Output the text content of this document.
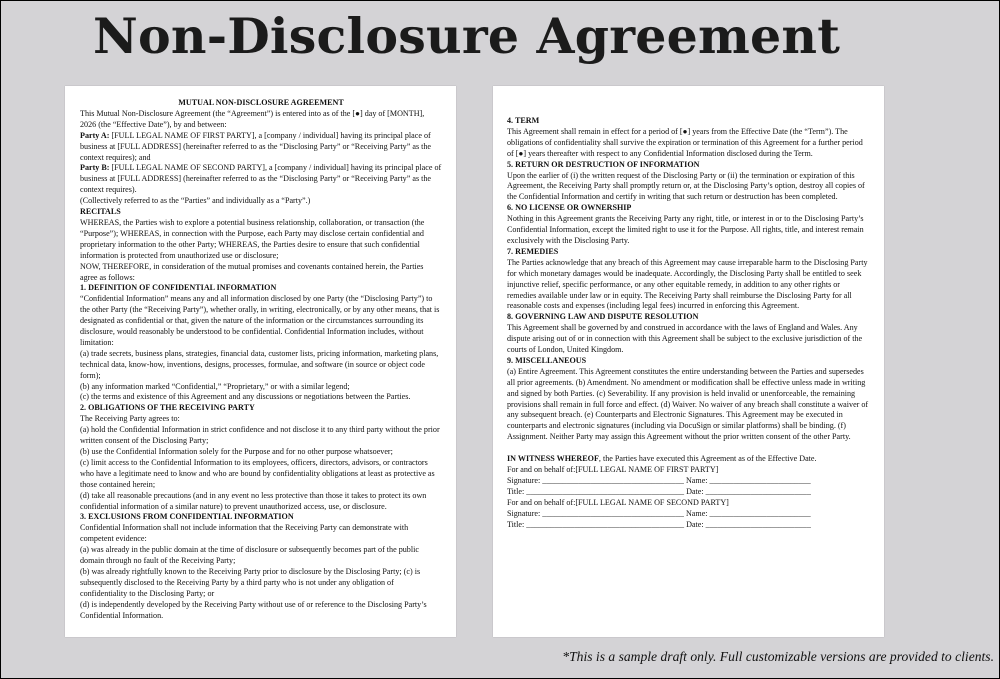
Non-Disclosure Agreement

MUTUAL NON-DISCLOSURE AGREEMENT

This Mutual Non-Disclosure Agreement (the “Agreement”) is entered into as of the [●] day of [MONTH], 2026 (the “Effective Date”), by and between:

Party A: [FULL LEGAL NAME OF FIRST PARTY], a [company / individual] having its principal place of business at [FULL ADDRESS] (hereinafter referred to as the “Disclosing Party” or “Receiving Party” as the context requires); and

Party B: [FULL LEGAL NAME OF SECOND PARTY], a [company / individual] having its principal place of business at [FULL ADDRESS] (hereinafter referred to as the “Disclosing Party” or “Receiving Party” as the context requires).

(Collectively referred to as the “Parties” and individually as a “Party”.)

RECITALS

WHEREAS, the Parties wish to explore a potential business relationship, collaboration, or transaction (the “Purpose”); WHEREAS, in connection with the Purpose, each Party may disclose certain confidential and proprietary information to the other Party; WHEREAS, the Parties desire to ensure that such confidential information is protected from unauthorized use or disclosure;

NOW, THEREFORE, in consideration of the mutual promises and covenants contained herein, the Parties agree as follows:

1. DEFINITION OF CONFIDENTIAL INFORMATION

“Confidential Information” means any and all information disclosed by one Party (the “Disclosing Party”) to the other Party (the “Receiving Party”), whether orally, in writing, electronically, or by any other means, that is designated as confidential or that, given the nature of the information or the circumstances surrounding its disclosure, would reasonably be understood to be confidential. Confidential Information includes, without limitation:

(a) trade secrets, business plans, strategies, financial data, customer lists, pricing information, marketing plans, technical data, know-how, inventions, designs, processes, formulae, and software (in source or object code form);

(b) any information marked “Confidential,” “Proprietary,” or with a similar legend;

(c) the terms and existence of this Agreement and any discussions or negotiations between the Parties.

2. OBLIGATIONS OF THE RECEIVING PARTY

The Receiving Party agrees to:

(a) hold the Confidential Information in strict confidence and not disclose it to any third party without the prior written consent of the Disclosing Party;

(b) use the Confidential Information solely for the Purpose and for no other purpose whatsoever;

(c) limit access to the Confidential Information to its employees, officers, directors, advisors, or contractors who have a legitimate need to know and who are bound by confidentiality obligations at least as protective as those contained herein;

(d) take all reasonable precautions (and in any event no less protective than those it takes to protect its own confidential information of a similar nature) to prevent unauthorized access, use, or disclosure.

3. EXCLUSIONS FROM CONFIDENTIAL INFORMATION

Confidential Information shall not include information that the Receiving Party can demonstrate with competent evidence:

(a) was already in the public domain at the time of disclosure or subsequently becomes part of the public domain through no fault of the Receiving Party;

(b) was already rightfully known to the Receiving Party prior to disclosure by the Disclosing Party; (c) is subsequently disclosed to the Receiving Party by a third party who is not under any obligation of confidentiality to the Disclosing Party; or

(d) is independently developed by the Receiving Party without use of or reference to the Disclosing Party’s Confidential Information.

4. TERM

This Agreement shall remain in effect for a period of [●] years from the Effective Date (the “Term”). The obligations of confidentiality shall survive the expiration or termination of this Agreement for a further period of [●] years thereafter with respect to any Confidential Information disclosed during the Term.

5. RETURN OR DESTRUCTION OF INFORMATION

Upon the earlier of (i) the written request of the Disclosing Party or (ii) the termination or expiration of this Agreement, the Receiving Party shall promptly return or, at the Disclosing Party’s option, destroy all copies of the Confidential Information and certify in writing that such return or destruction has been completed.

6. NO LICENSE OR OWNERSHIP

Nothing in this Agreement grants the Receiving Party any right, title, or interest in or to the Disclosing Party’s Confidential Information, except the limited right to use it for the Purpose. All rights, title, and interest remain exclusively with the Disclosing Party.

7. REMEDIES

The Parties acknowledge that any breach of this Agreement may cause irreparable harm to the Disclosing Party for which monetary damages would be inadequate. Accordingly, the Disclosing Party shall be entitled to seek injunctive relief, specific performance, or any other equitable remedy, in addition to any other rights or remedies available under law or in equity. The Receiving Party shall reimburse the Disclosing Party for all reasonable costs and expenses (including legal fees) incurred in enforcing this Agreement.

8. GOVERNING LAW AND DISPUTE RESOLUTION

This Agreement shall be governed by and construed in accordance with the laws of England and Wales. Any dispute arising out of or in connection with this Agreement shall be subject to the exclusive jurisdiction of the courts of London, United Kingdom.

9. MISCELLANEOUS

(a) Entire Agreement. This Agreement constitutes the entire understanding between the Parties and supersedes all prior agreements. (b) Amendment. No amendment or modification shall be effective unless made in writing and signed by both Parties. (c) Severability. If any provision is held invalid or unenforceable, the remaining provisions shall remain in full force and effect. (d) Waiver. No waiver of any breach shall constitute a waiver of any subsequent breach. (e) Counterparts and Electronic Signatures. This Agreement may be executed in counterparts and electronic signatures (including via DocuSign or similar platforms) shall be binding. (f) Assignment. Neither Party may assign this Agreement without the prior written consent of the other Party.

IN WITNESS WHEREOF, the Parties have executed this Agreement as of the Effective Date.

For and on behalf of:[FULL LEGAL NAME OF FIRST PARTY]

Signature: ___________________________________ Name: _________________________

Title: _______________________________________ Date: __________________________

For and on behalf of:[FULL LEGAL NAME OF SECOND PARTY]

Signature: ___________________________________ Name: _________________________

Title: _______________________________________ Date: __________________________

*This is a sample draft only. Full customizable versions are provided to clients.
